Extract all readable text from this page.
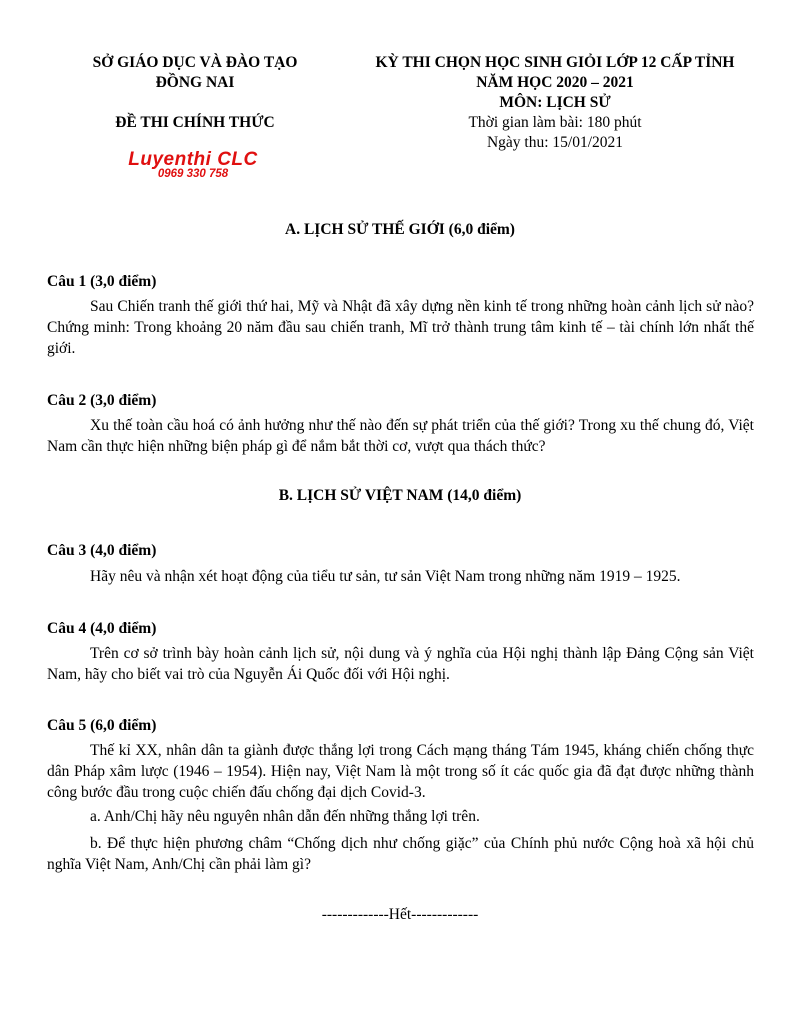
SỞ GIÁO DỤC VÀ ĐÀO TẠO
ĐỒNG NAI
ĐỀ THI CHÍNH THỨC
Luyenthi CLC
0969 330 758
KỲ THI CHỌN HỌC SINH GIỎI LỚP 12 CẤP TỈNH
NĂM HỌC 2020 – 2021
MÔN: LỊCH SỬ
Thời gian làm bài: 180 phút
Ngày thu: 15/01/2021
A. LỊCH SỬ THẾ GIỚI (6,0 điểm)
Câu 1 (3,0 điểm)
Sau Chiến tranh thế giới thứ hai, Mỹ và Nhật đã xây dựng nền kinh tế trong những hoàn cảnh lịch sử nào? Chứng minh: Trong khoảng 20 năm đầu sau chiến tranh, Mĩ trở thành trung tâm kinh tế – tài chính lớn nhất thế giới.
Câu 2 (3,0 điểm)
Xu thế toàn cầu hoá có ảnh hưởng như thế nào đến sự phát triển của thế giới? Trong xu thế chung đó, Việt Nam cần thực hiện những biện pháp gì để nắm bắt thời cơ, vượt qua thách thức?
B. LỊCH SỬ VIỆT NAM (14,0 điểm)
Câu 3 (4,0 điểm)
Hãy nêu và nhận xét hoạt động của tiểu tư sản, tư sản Việt Nam trong những năm 1919 – 1925.
Câu 4 (4,0 điểm)
Trên cơ sở trình bày hoàn cảnh lịch sử, nội dung và ý nghĩa của Hội nghị thành lập Đảng Cộng sản Việt Nam, hãy cho biết vai trò của Nguyễn Ái Quốc đối với Hội nghị.
Câu 5 (6,0 điểm)
Thế kỉ XX, nhân dân ta giành được thắng lợi trong Cách mạng tháng Tám 1945, kháng chiến chống thực dân Pháp xâm lược (1946 – 1954). Hiện nay, Việt Nam là một trong số ít các quốc gia đã đạt được những thành công bước đầu trong cuộc chiến đấu chống đại dịch Covid-3.
a. Anh/Chị hãy nêu nguyên nhân dẫn đến những thắng lợi trên.
b. Để thực hiện phương châm “Chống dịch như chống giặc” của Chính phủ nước Cộng hoà xã hội chủ nghĩa Việt Nam, Anh/Chị cần phải làm gì?
-------------Hết-------------
